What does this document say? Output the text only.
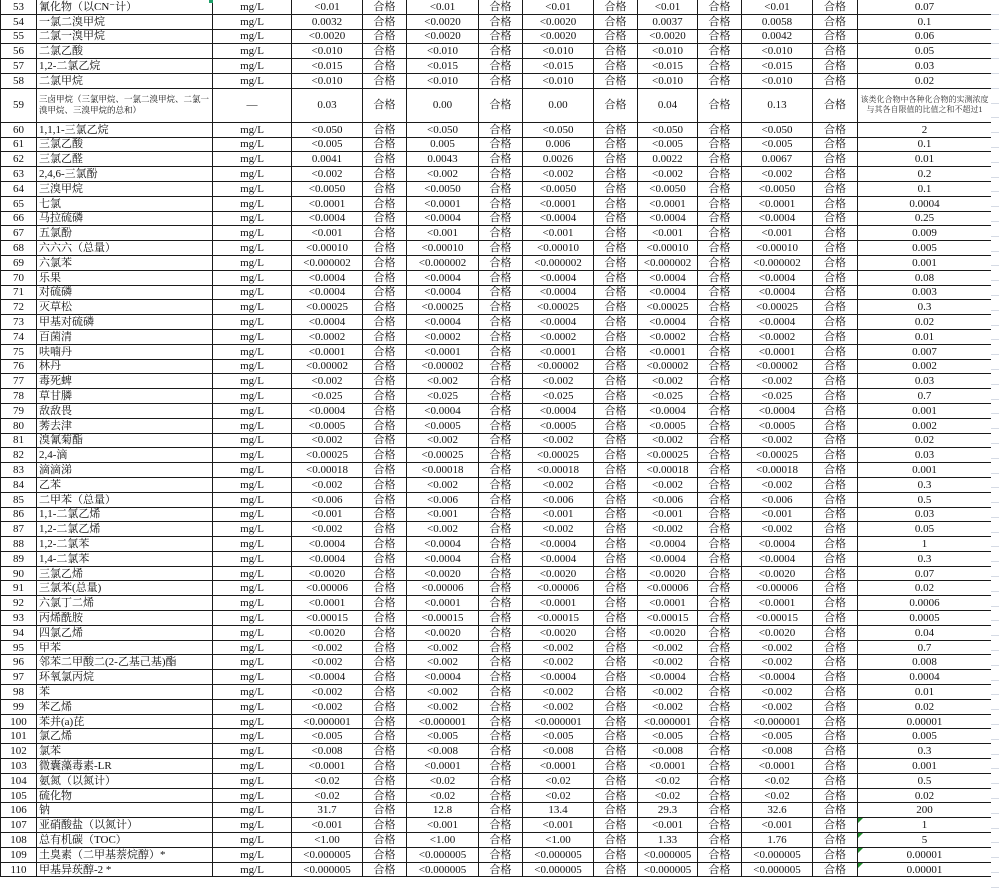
53	氰化物（以CN⁻计）	mg/L	<0.01	合格	<0.01	合格	<0.01	合格	<0.01	合格	<0.01	合格	0.07
54	一氯二溴甲烷	mg/L	0.0032	合格	<0.0020	合格	<0.0020	合格	0.0037	合格	0.0058	合格	0.1
55	二氯一溴甲烷	mg/L	<0.0020	合格	<0.0020	合格	<0.0020	合格	<0.0020	合格	0.0042	合格	0.06
56	二氯乙酸	mg/L	<0.010	合格	<0.010	合格	<0.010	合格	<0.010	合格	<0.010	合格	0.05
57	1,2-二氯乙烷	mg/L	<0.015	合格	<0.015	合格	<0.015	合格	<0.015	合格	<0.015	合格	0.03
58	二氯甲烷	mg/L	<0.010	合格	<0.010	合格	<0.010	合格	<0.010	合格	<0.010	合格	0.02
59	三卤甲烷（三氯甲烷、一氯二溴甲烷、二氯一溴甲烷、三溴甲烷的总和）	—	0.03	合格	0.00	合格	0.00	合格	0.04	合格	0.13	合格	该类化合物中各种化合物的实测浓度与其各自限值的比值之和不超过1
60	1,1,1-三氯乙烷	mg/L	<0.050	合格	<0.050	合格	<0.050	合格	<0.050	合格	<0.050	合格	2
61	三氯乙酸	mg/L	<0.005	合格	0.005	合格	0.006	合格	<0.005	合格	<0.005	合格	0.1
62	三氯乙醛	mg/L	0.0041	合格	0.0043	合格	0.0026	合格	0.0022	合格	0.0067	合格	0.01
63	2,4,6-三氯酚	mg/L	<0.002	合格	<0.002	合格	<0.002	合格	<0.002	合格	<0.002	合格	0.2
64	三溴甲烷	mg/L	<0.0050	合格	<0.0050	合格	<0.0050	合格	<0.0050	合格	<0.0050	合格	0.1
65	七氯	mg/L	<0.0001	合格	<0.0001	合格	<0.0001	合格	<0.0001	合格	<0.0001	合格	0.0004
66	马拉硫磷	mg/L	<0.0004	合格	<0.0004	合格	<0.0004	合格	<0.0004	合格	<0.0004	合格	0.25
67	五氯酚	mg/L	<0.001	合格	<0.001	合格	<0.001	合格	<0.001	合格	<0.001	合格	0.009
68	六六六（总量）	mg/L	<0.00010	合格	<0.00010	合格	<0.00010	合格	<0.00010	合格	<0.00010	合格	0.005
69	六氯苯	mg/L	<0.000002	合格	<0.000002	合格	<0.000002	合格	<0.000002	合格	<0.000002	合格	0.001
70	乐果	mg/L	<0.0004	合格	<0.0004	合格	<0.0004	合格	<0.0004	合格	<0.0004	合格	0.08
71	对硫磷	mg/L	<0.0004	合格	<0.0004	合格	<0.0004	合格	<0.0004	合格	<0.0004	合格	0.003
72	灭草松	mg/L	<0.00025	合格	<0.00025	合格	<0.00025	合格	<0.00025	合格	<0.00025	合格	0.3
73	甲基对硫磷	mg/L	<0.0004	合格	<0.0004	合格	<0.0004	合格	<0.0004	合格	<0.0004	合格	0.02
74	百菌清	mg/L	<0.0002	合格	<0.0002	合格	<0.0002	合格	<0.0002	合格	<0.0002	合格	0.01
75	呋喃丹	mg/L	<0.0001	合格	<0.0001	合格	<0.0001	合格	<0.0001	合格	<0.0001	合格	0.007
76	林丹	mg/L	<0.00002	合格	<0.00002	合格	<0.00002	合格	<0.00002	合格	<0.00002	合格	0.002
77	毒死蜱	mg/L	<0.002	合格	<0.002	合格	<0.002	合格	<0.002	合格	<0.002	合格	0.03
78	草甘膦	mg/L	<0.025	合格	<0.025	合格	<0.025	合格	<0.025	合格	<0.025	合格	0.7
79	敌敌畏	mg/L	<0.0004	合格	<0.0004	合格	<0.0004	合格	<0.0004	合格	<0.0004	合格	0.001
80	莠去津	mg/L	<0.0005	合格	<0.0005	合格	<0.0005	合格	<0.0005	合格	<0.0005	合格	0.002
81	溴氰菊酯	mg/L	<0.002	合格	<0.002	合格	<0.002	合格	<0.002	合格	<0.002	合格	0.02
82	2,4-滴	mg/L	<0.00025	合格	<0.00025	合格	<0.00025	合格	<0.00025	合格	<0.00025	合格	0.03
83	滴滴涕	mg/L	<0.00018	合格	<0.00018	合格	<0.00018	合格	<0.00018	合格	<0.00018	合格	0.001
84	乙苯	mg/L	<0.002	合格	<0.002	合格	<0.002	合格	<0.002	合格	<0.002	合格	0.3
85	二甲苯（总量）	mg/L	<0.006	合格	<0.006	合格	<0.006	合格	<0.006	合格	<0.006	合格	0.5
86	1,1-二氯乙烯	mg/L	<0.001	合格	<0.001	合格	<0.001	合格	<0.001	合格	<0.001	合格	0.03
87	1,2-二氯乙烯	mg/L	<0.002	合格	<0.002	合格	<0.002	合格	<0.002	合格	<0.002	合格	0.05
88	1,2-二氯苯	mg/L	<0.0004	合格	<0.0004	合格	<0.0004	合格	<0.0004	合格	<0.0004	合格	1
89	1,4-二氯苯	mg/L	<0.0004	合格	<0.0004	合格	<0.0004	合格	<0.0004	合格	<0.0004	合格	0.3
90	三氯乙烯	mg/L	<0.0020	合格	<0.0020	合格	<0.0020	合格	<0.0020	合格	<0.0020	合格	0.07
91	三氯苯(总量)	mg/L	<0.00006	合格	<0.00006	合格	<0.00006	合格	<0.00006	合格	<0.00006	合格	0.02
92	六氯丁二烯	mg/L	<0.0001	合格	<0.0001	合格	<0.0001	合格	<0.0001	合格	<0.0001	合格	0.0006
93	丙烯酰胺	mg/L	<0.00015	合格	<0.00015	合格	<0.00015	合格	<0.00015	合格	<0.00015	合格	0.0005
94	四氯乙烯	mg/L	<0.0020	合格	<0.0020	合格	<0.0020	合格	<0.0020	合格	<0.0020	合格	0.04
95	甲苯	mg/L	<0.002	合格	<0.002	合格	<0.002	合格	<0.002	合格	<0.002	合格	0.7
96	邻苯二甲酸二(2-乙基己基)酯	mg/L	<0.002	合格	<0.002	合格	<0.002	合格	<0.002	合格	<0.002	合格	0.008
97	环氧氯丙烷	mg/L	<0.0004	合格	<0.0004	合格	<0.0004	合格	<0.0004	合格	<0.0004	合格	0.0004
98	苯	mg/L	<0.002	合格	<0.002	合格	<0.002	合格	<0.002	合格	<0.002	合格	0.01
99	苯乙烯	mg/L	<0.002	合格	<0.002	合格	<0.002	合格	<0.002	合格	<0.002	合格	0.02
100	苯并(a)芘	mg/L	<0.000001	合格	<0.000001	合格	<0.000001	合格	<0.000001	合格	<0.000001	合格	0.00001
101	氯乙烯	mg/L	<0.005	合格	<0.005	合格	<0.005	合格	<0.005	合格	<0.005	合格	0.005
102	氯苯	mg/L	<0.008	合格	<0.008	合格	<0.008	合格	<0.008	合格	<0.008	合格	0.3
103	微囊藻毒素-LR	mg/L	<0.0001	合格	<0.0001	合格	<0.0001	合格	<0.0001	合格	<0.0001	合格	0.001
104	氨氮（以氮计）	mg/L	<0.02	合格	<0.02	合格	<0.02	合格	<0.02	合格	<0.02	合格	0.5
105	硫化物	mg/L	<0.02	合格	<0.02	合格	<0.02	合格	<0.02	合格	<0.02	合格	0.02
106	钠	mg/L	31.7	合格	12.8	合格	13.4	合格	29.3	合格	32.6	合格	200
107	亚硝酸盐（以氮计）	mg/L	<0.001	合格	<0.001	合格	<0.001	合格	<0.001	合格	<0.001	合格	1

108	总有机碳（TOC）	mg/L	<1.00	合格	<1.00	合格	<1.00	合格	1.33	合格	1.76	合格	5

109	土臭素（二甲基萘烷醇）*	mg/L	<0.000005	合格	<0.000005	合格	<0.000005	合格	<0.000005	合格	<0.000005	合格	0.00001

110	甲基异莰醇-2 *	mg/L	<0.000005	合格	<0.000005	合格	<0.000005	合格	<0.000005	合格	<0.000005	合格	0.00001
